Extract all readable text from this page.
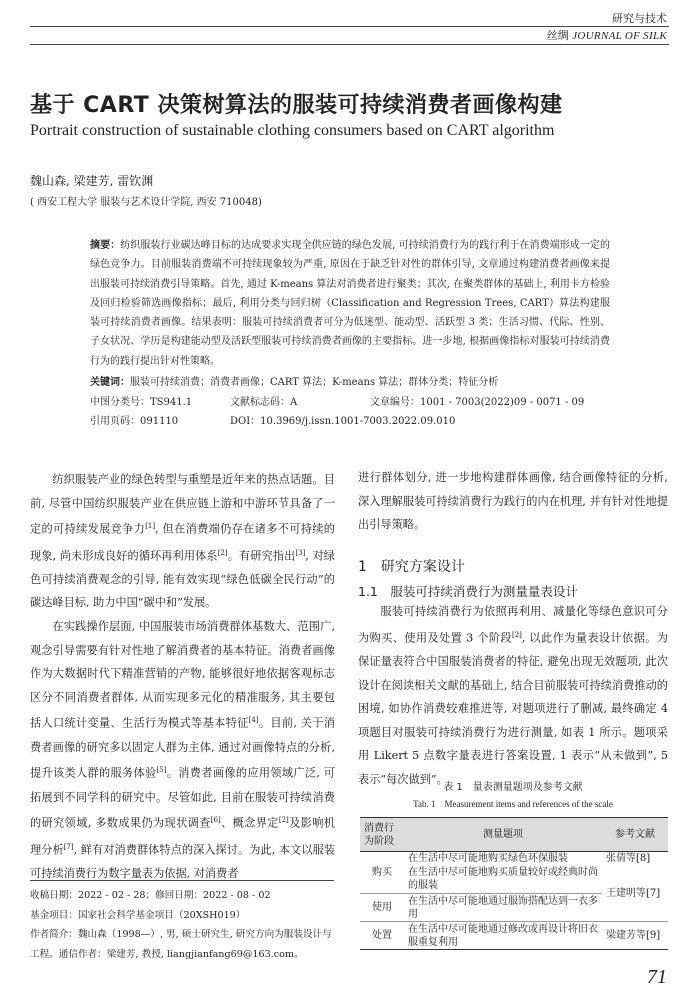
研究与技术
丝绸 JOURNAL OF SILK
基于 CART 决策树算法的服装可持续消费者画像构建
Portrait construction of sustainable clothing consumers based on CART algorithm
魏山森, 梁建芳, 雷钦渊
( 西安工程大学 服装与艺术设计学院, 西安 710048)
摘要：纺织服装行业碳达峰目标的达成要求实现全供应链的绿色发展, 可持续消费行为的践行利于在消费端形成一定的绿色竞争力。目前服装消费端不可持续现象较为严重, 原因在于缺乏针对性的群体引导, 文章通过构建消费者画像来提出服装可持续消费引导策略。首先, 通过 K-means 算法对消费者进行聚类；其次, 在聚类群体的基础上, 利用卡方检验及回归检验筛选画像指标；最后, 利用分类与回归树（Classification and Regression Trees, CART）算法构建服装可持续消费者画像。结果表明：服装可持续消费者可分为低迷型、能动型、活跃型 3 类；生活习惯、代际、性别、子女状况、学历是构建能动型及活跃型服装可持续消费者画像的主要指标。进一步地, 根据画像指标对服装可持续消费行为的践行提出针对性策略。
关键词：服装可持续消费；消费者画像；CART 算法；K-means 算法；群体分类；特征分析
中图分类号：TS941.1	文献标志码：A	文章编号：1001 - 7003(2022)09 - 0071 - 09
引用页码：091110	DOI：10.3969/j.issn.1001-7003.2022.09.010

纺织服装产业的绿色转型与重塑是近年来的热点话题。目前, 尽管中国纺织服装产业在供应链上游和中游环节具备了一定的可持续发展竞争力[1], 但在消费端仍存在诸多不可持续的现象, 尚未形成良好的循环再利用体系[2]。有研究指出[3], 对绿色可持续消费观念的引导, 能有效实现“绿色低碳全民行动”的碳达峰目标, 助力中国“碳中和”发展。

在实践操作层面, 中国服装市场消费群体基数大、范围广, 观念引导需要有针对性地了解消费者的基本特征。消费者画像作为大数据时代下精准营销的产物, 能够很好地依据客观标志区分不同消费者群体, 从而实现多元化的精准服务, 其主要包括人口统计变量、生活行为模式等基本特征[4]。目前, 关于消费者画像的研究多以固定人群为主体, 通过对画像特点的分析, 提升该类人群的服务体验[5]。消费者画像的应用领域广泛, 可拓展到不同学科的研究中。尽管如此, 目前在服装可持续消费的研究领域, 多数成果仍为现状调查[6]、概念界定[2]及影响机理分析[7], 鲜有对消费群体特点的深入探讨。为此, 本文以服装可持续消费行为数字量表为依据, 对消费者

进行群体划分, 进一步地构建群体画像, 结合画像特征的分析, 深入理解服装可持续消费行为践行的内在机理, 并有针对性地提出引导策略。

1　研究方案设计
1.1　服装可持续消费行为测量量表设计

服装可持续消费行为依照再利用、减量化等绿色意识可分为购买、使用及处置 3 个阶段[2], 以此作为量表设计依据。为保证量表符合中国服装消费者的特征, 避免出现无效题项, 此次设计在阅读相关文献的基础上, 结合目前服装可持续消费推动的困境, 如协作消费较难推进等, 对题项进行了删减, 最终确定 4 项题目对服装可持续消费行为进行测量, 如表 1 所示。题项采用 Likert 5 点数字量表进行答案设置, 1 表示“从未做到”, 5 表示“每次做到”。

表 1　量表测量题项及参考文献
Tab. 1　Measurement items and references of the scale
消费行为阶段	测量题项	参考文献
购买	在生活中尽可能地购买绿色环保服装	张倩等[8]
	在生活中尽可能地购买质量较好或经典时尚的服装	王建明等[7]
使用	在生活中尽可能地通过服饰搭配达到一衣多用	
处置	在生活中尽可能地通过修改或再设计将旧衣服重复利用	梁建芳等[9]
收稿日期：2022 - 02 - 28；修回日期：2022 - 08 - 02
基金项目：国家社会科学基金项目（20XSH019）
作者简介：魏山森（1998—）, 男, 硕士研究生, 研究方向为服装设计与
工程。通信作者：梁建芳, 教授, liangjianfang69@163.com。
71
